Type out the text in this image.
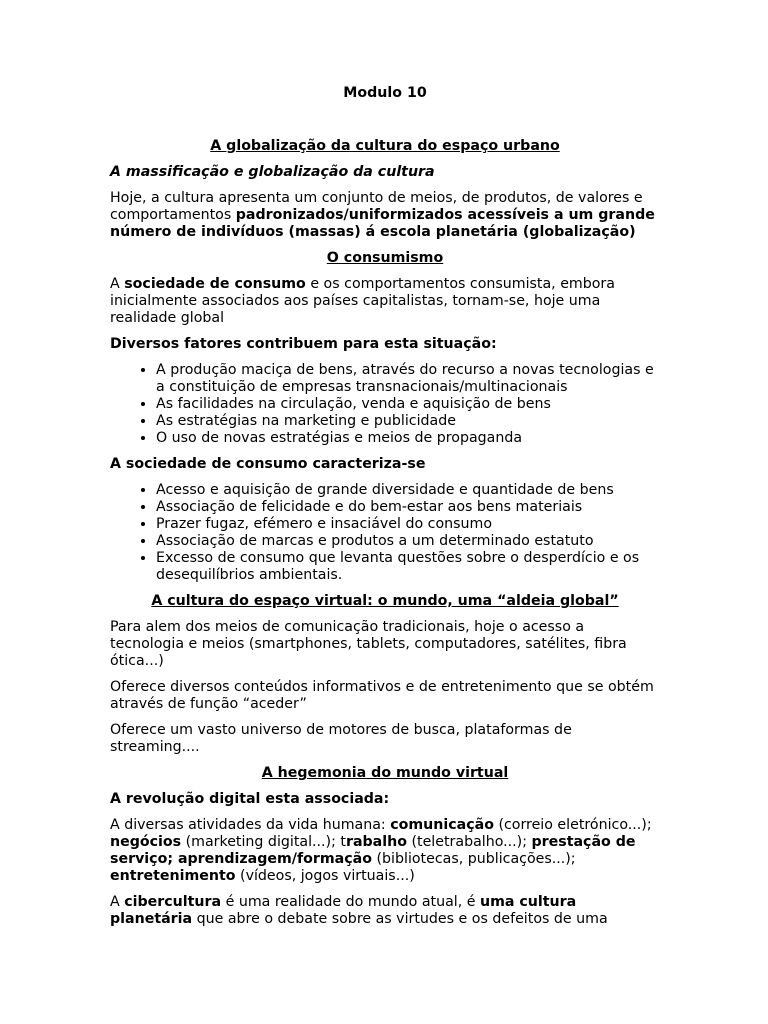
Modulo 10
A globalização da cultura do espaço urbano
A massificação e globalização da cultura

Hoje, a cultura apresenta um conjunto de meios, de produtos, de valores e comportamentos padronizados/uniformizados acessíveis a um grande número de indivíduos (massas) á escola planetária (globalização)

O consumismo

A sociedade de consumo e os comportamentos consumista, embora inicialmente associados aos países capitalistas, tornam-se, hoje uma realidade global

Diversos fatores contribuem para esta situação:
• A produção maciça de bens, através do recurso a novas tecnologias e a constituição de empresas transnacionais/multinacionais
• As facilidades na circulação, venda e aquisição de bens
• As estratégias na marketing e publicidade
• O uso de novas estratégias e meios de propaganda
A sociedade de consumo caracteriza-se
• Acesso e aquisição de grande diversidade e quantidade de bens
• Associação de felicidade e do bem-estar aos bens materiais
• Prazer fugaz, efémero e insaciável do consumo
• Associação de marcas e produtos a um determinado estatuto
• Excesso de consumo que levanta questões sobre o desperdício e os desequilíbrios ambientais.
A cultura do espaço virtual: o mundo, uma “aldeia global”

Para alem dos meios de comunicação tradicionais, hoje o acesso a tecnologia e meios (smartphones, tablets, computadores, satélites, fibra ótica...)

Oferece diversos conteúdos informativos e de entretenimento que se obtém através de função “aceder”

Oferece um vasto universo de motores de busca, plataformas de streaming....

A hegemonia do mundo virtual
A revolução digital esta associada:

A diversas atividades da vida humana: comunicação (correio eletrónico...); negócios (marketing digital...); trabalho (teletrabalho...); prestação de serviço; aprendizagem/formação (bibliotecas, publicações...); entretenimento (vídeos, jogos virtuais...)

A cibercultura é uma realidade do mundo atual, é uma cultura planetária que abre o debate sobre as virtudes e os defeitos de uma
